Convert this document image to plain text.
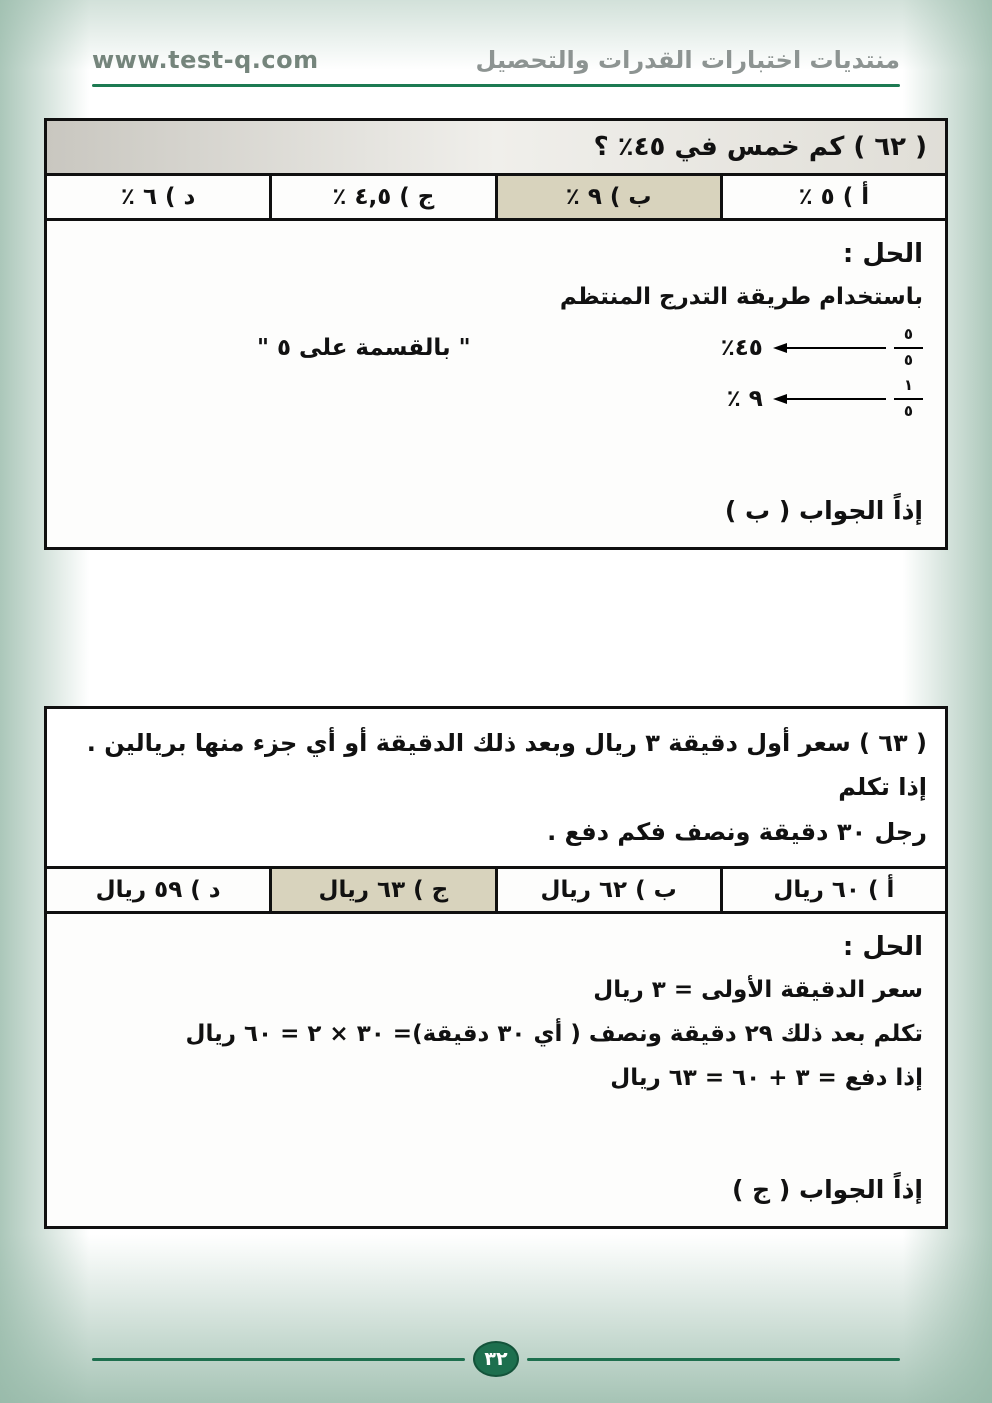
www.test-q.com	منتديات اختبارات القدرات والتحصيل
( ٦٢ ) كم خمس في ٤٥٪ ؟
أ ) ٥ ٪
ب ) ٩ ٪
ج ) ٤,٥ ٪
د ) ٦ ٪
الحل :
باستخدام طريقة التدرج المنتظم
$\frac{٥}{٥}$
٤٥٪
" بالقسمة على ٥ "
$\frac{١}{٥}$
٩ ٪
إذاً الجواب ( ب )
( ٦٣ ) سعر أول دقيقة ٣ ريال وبعد ذلك الدقيقة أو أي جزء منها بريالين . إذا تكلم
رجل ٣٠ دقيقة ونصف فكم دفع .
أ ) ٦٠ ريال
ب ) ٦٢ ريال
ج ) ٦٣ ريال
د ) ٥٩ ريال
الحل :
سعر الدقيقة الأولى = ٣ ريال
تكلم بعد ذلك ٢٩ دقيقة ونصف ( أي ٣٠ دقيقة)= ٣٠ × ٢ = ٦٠ ريال
إذا دفع = ٣ + ٦٠ = ٦٣ ريال
إذاً الجواب ( ج )
٣٢
